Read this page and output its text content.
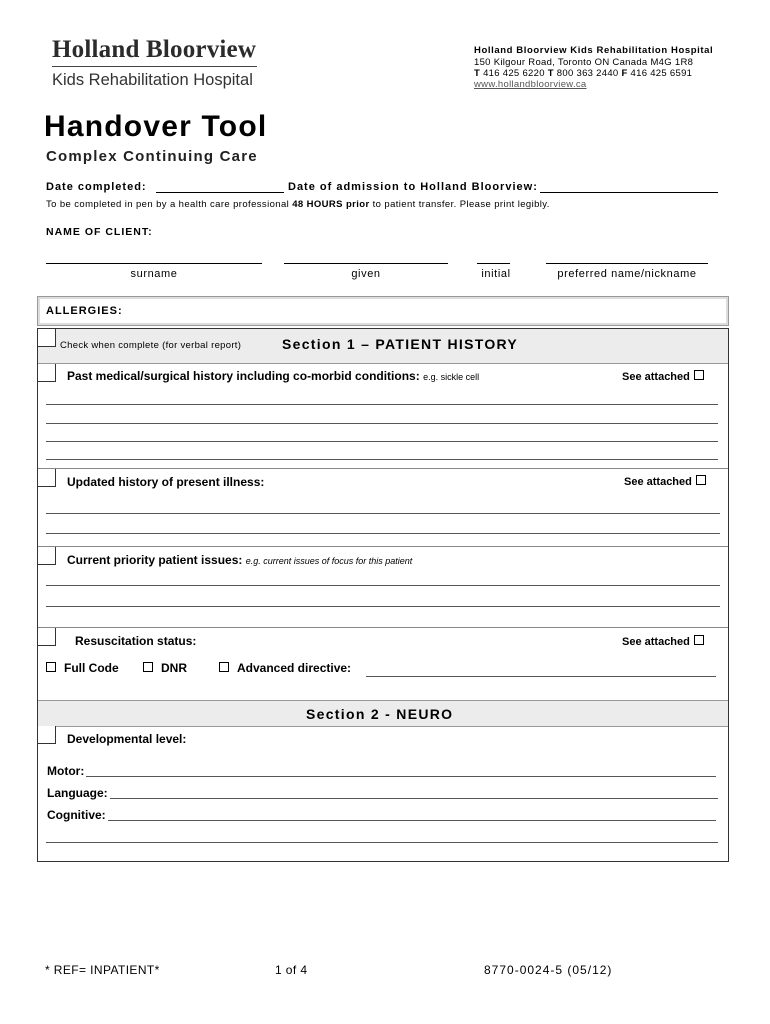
Holland Bloorview
Kids Rehabilitation Hospital
Holland Bloorview Kids Rehabilitation Hospital
150 Kilgour Road, Toronto ON Canada M4G 1R8
T 416 425 6220 T 800 363 2440 F 416 425 6591
www.hollandbloorview.ca
Handover Tool
Complex Continuing Care
Date completed:	Date of admission to Holland Bloorview:
To be completed in pen by a health care professional 48 HOURS prior to patient transfer. Please print legibly.
NAME OF CLIENT:
surname	given	initial	preferred name/nickname
ALLERGIES:
Check when complete (for verbal report)	Section 1 – PATIENT HISTORY
Past medical/surgical history including co-morbid conditions: e.g. sickle cell	See attached
Updated history of present illness:	See attached
Current priority patient issues: e.g. current issues of focus for this patient
Resuscitation status:	See attached
Full Code	DNR	Advanced directive:
Section 2 - NEURO
Developmental level:
Motor:
Language:
Cognitive:
* REF= INPATIENT*	1 of 4	8770-0024-5 (05/12)
